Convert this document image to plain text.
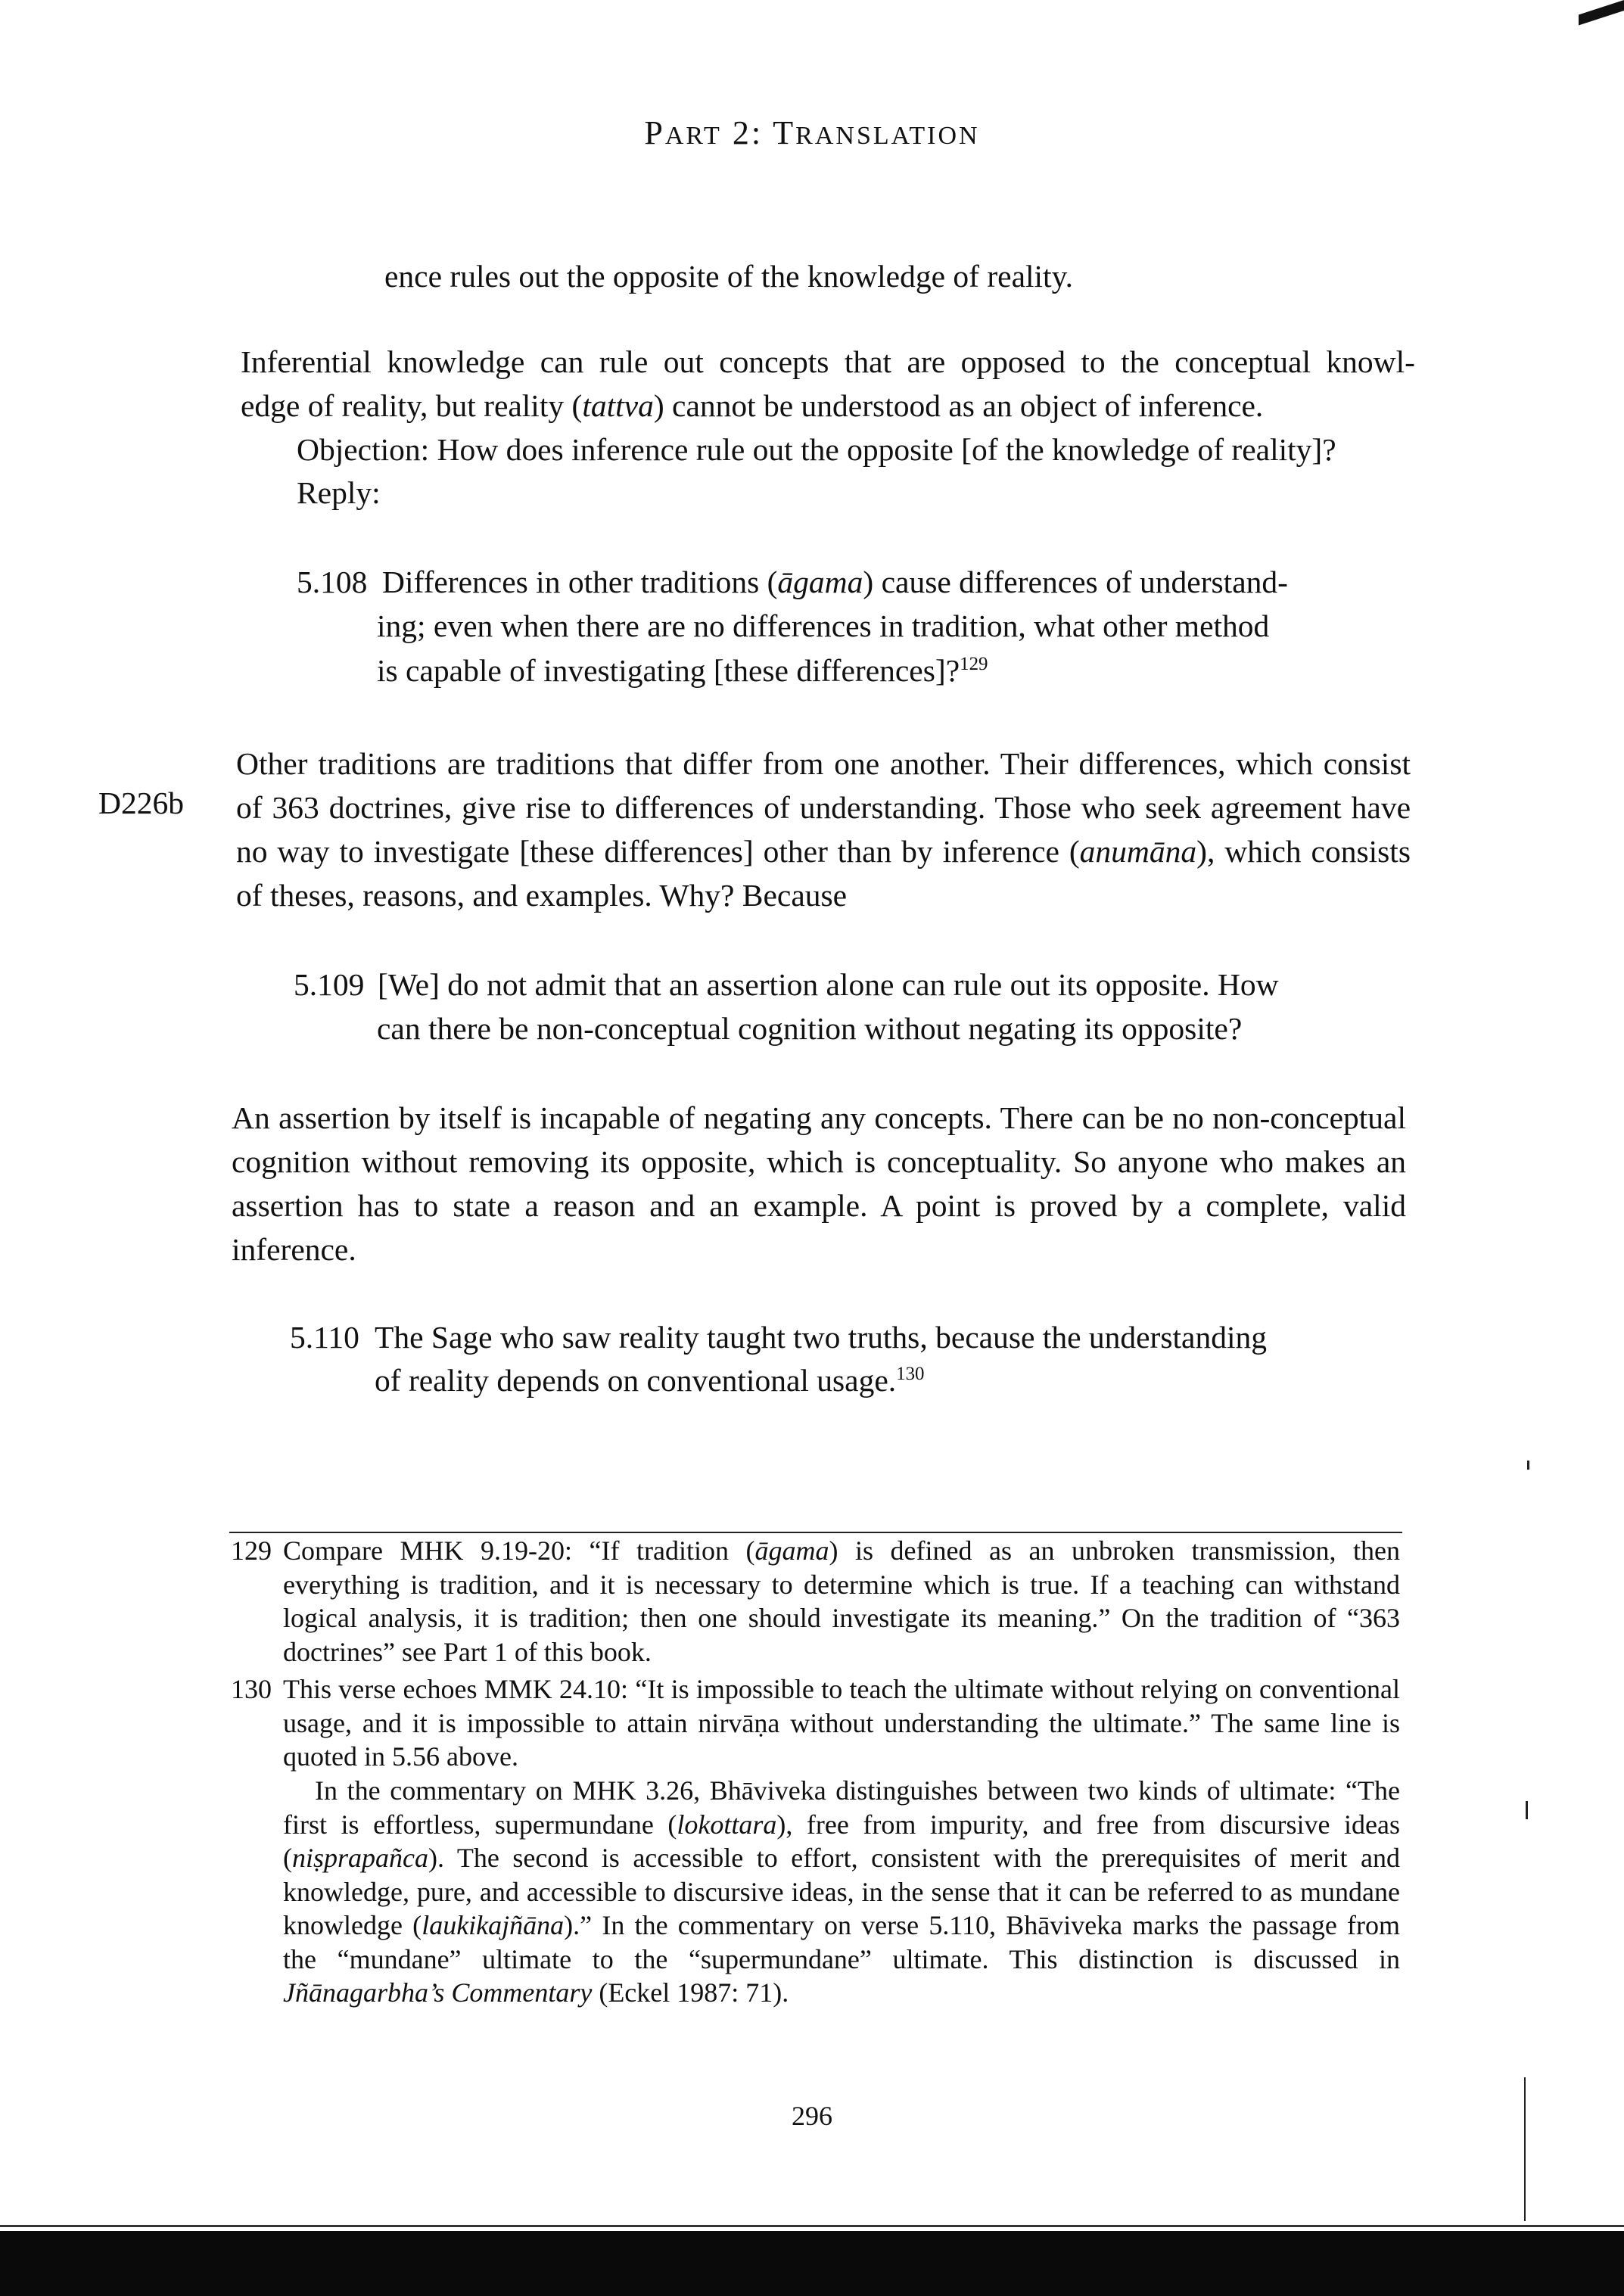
PART 2: TRANSLATION
ence rules out the opposite of the knowledge of reality.
Inferential knowledge can rule out concepts that are opposed to the conceptual knowl-
edge of reality, but reality (tattva) cannot be understood as an object of inference.
Objection: How does inference rule out the opposite [of the knowledge of reality]?
Reply:
5.108 Differences in other traditions (āgama) cause differences of understand-
ing; even when there are no differences in tradition, what other method
is capable of investigating [these differences]?$^{129}$
D226b
Other traditions are traditions that differ from one another. Their differences, which consist of 363 doctrines, give rise to differences of understanding. Those who seek agreement have no way to investigate [these differences] other than by inference (anumāna), which consists of theses, reasons, and examples. Why? Because
5.109 [We] do not admit that an assertion alone can rule out its opposite. How
can there be non-conceptual cognition without negating its opposite?
An assertion by itself is incapable of negating any concepts. There can be no non-conceptual cognition without removing its opposite, which is conceptuality. So anyone who makes an assertion has to state a reason and an example. A point is proved by a complete, valid inference.
5.110 The Sage who saw reality taught two truths, because the understanding
of reality depends on conventional usage.$^{130}$
129 Compare MHK 9.19-20: “If tradition (āgama) is defined as an unbroken transmission, then everything is tradition, and it is necessary to determine which is true. If a teaching can withstand logical analysis, it is tradition; then one should investigate its meaning.” On the tradition of “363 doctrines” see Part 1 of this book.
130 This verse echoes MMK 24.10: “It is impossible to teach the ultimate without relying on conventional usage, and it is impossible to attain nirvāṇa without understanding the ultimate.” The same line is quoted in 5.56 above.
In the commentary on MHK 3.26, Bhāviveka distinguishes between two kinds of ultimate: “The first is effortless, supermundane (lokottara), free from impurity, and free from discursive ideas (niṣprapañca). The second is accessible to effort, consistent with the prerequisites of merit and knowledge, pure, and accessible to discursive ideas, in the sense that it can be referred to as mundane knowledge (laukikajñāna).” In the commentary on verse 5.110, Bhāviveka marks the passage from the “mundane” ultimate to the “supermundane” ultimate. This distinction is discussed in Jñānagarbha’s Commentary (Eckel 1987: 71).
296
